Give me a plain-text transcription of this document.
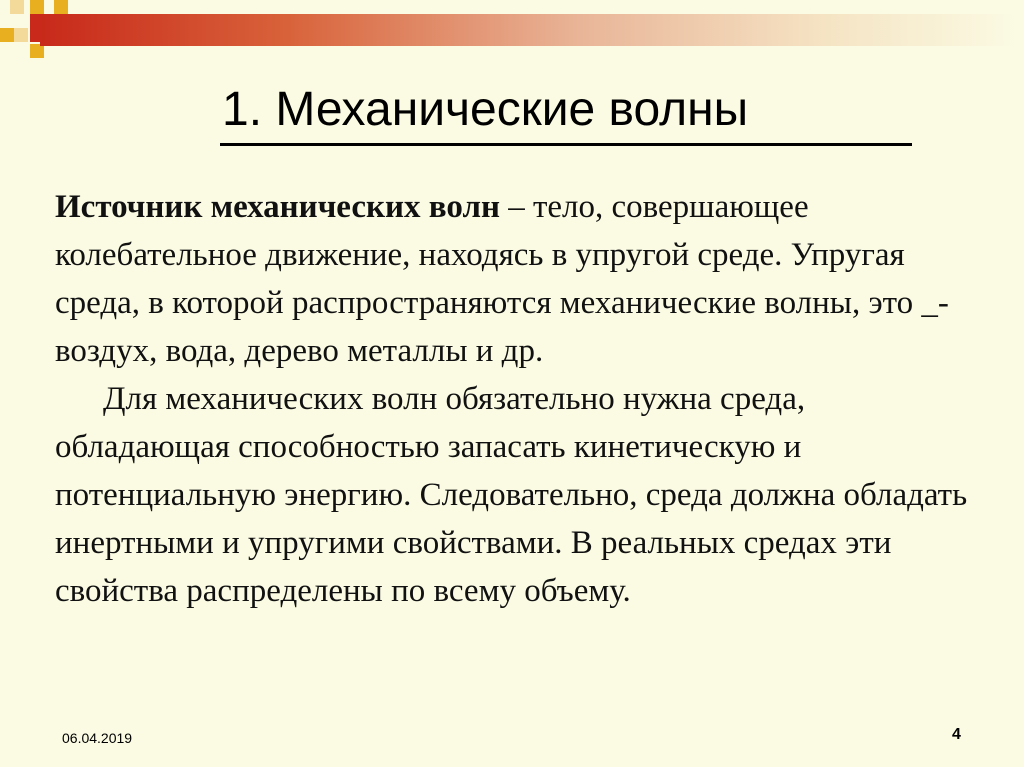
1. Механические волны

Источник механических волн – тело, совершающее колебательное движение, находясь в упругой среде. Упругая среда, в которой распространяются механические волны, это _- воздух, вода, дерево металлы и др.

Для механических волн обязательно нужна среда, обладающая способностью запасать кинетическую и потенциальную энергию. Следовательно, среда должна обладать инертными и упругими свойствами. В реальных средах эти свойства распределены по всему объему.

06.04.2019	4
